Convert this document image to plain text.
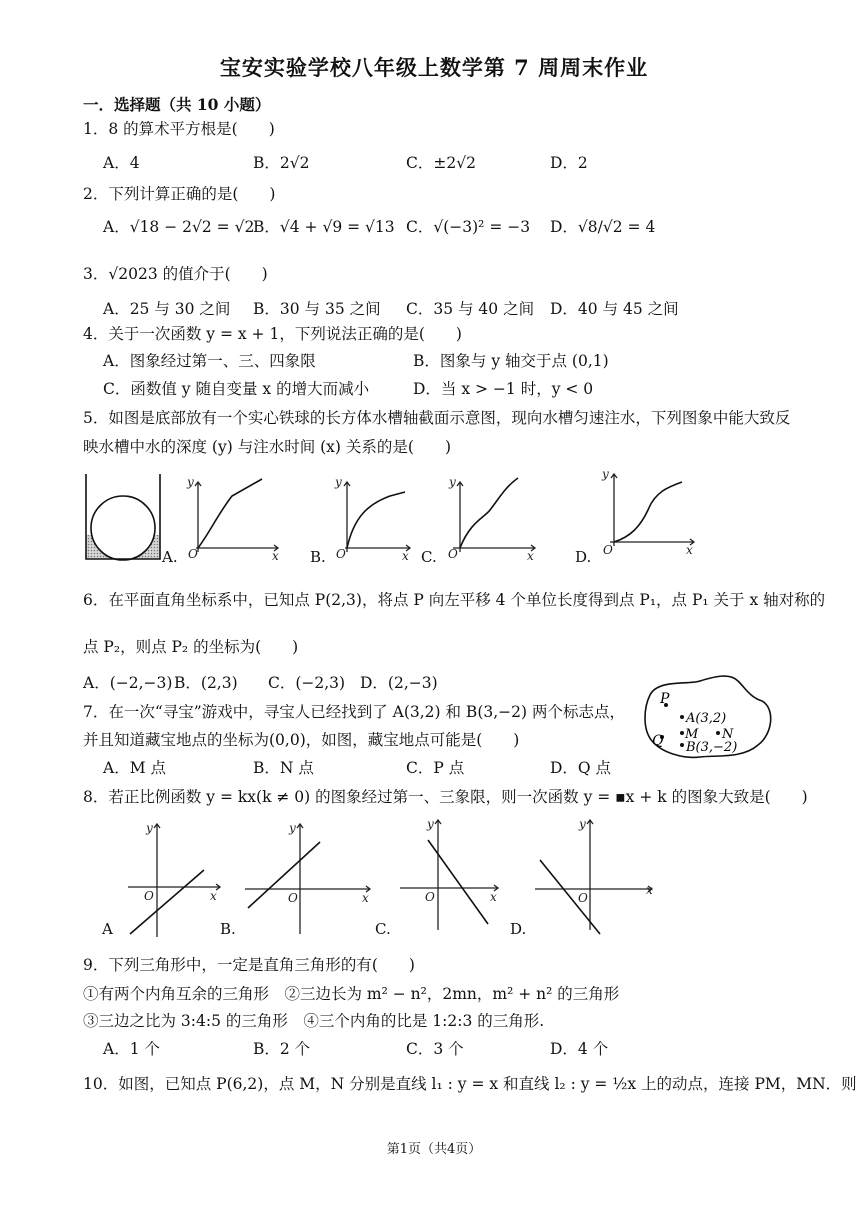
宝安实验学校八年级上数学第 7 周周末作业
一．选择题（共 10 小题）
1．8 的算术平方根是(　　)
A．4	B．2√2	C．±2√2	D．2
2．下列计算正确的是(　　)
A．√18 − 2√2 = √2
B．√4 + √9 = √13 C．√(−3)² = −3 D．√8/√2 = 4
3．√2023 的值介于(　　)
A．25 与 30 之间 B．30 与 35 之间 C．35 与 40 之间 D．40 与 45 之间
4．关于一次函数 y = x + 1，下列说法正确的是(　　)
A．图象经过第一、三、四象限	B．图象与 y 轴交于点 (0,1)
C．函数值 y 随自变量 x 的增大而减小	D．当 x > −1 时，y < 0
5．如图是底部放有一个实心铁球的长方体水槽轴截面示意图，现向水槽匀速注水，下列图象中能大致反
映水槽中水的深度 (y) 与注水时间 (x) 关系的是(　　)
A.
y
x
O	B.
y
x
O	C.
y
x
O	D.
y
x
O
6．在平面直角坐标系中，已知点 P(2,3)，将点 P 向左平移 4 个单位长度得到点 P₁，点 P₁ 关于 x 轴对称的
点 P₂，则点 P₂ 的坐标为(　　)
A．(−2,−3) B．(2,3) C．(−2,3) D．(2,−3)
7．在一次“寻宝”游戏中，寻宝人已经找到了 A(3,2) 和 B(3,−2) 两个标志点，
并且知道藏宝地点的坐标为(0,0)，如图，藏宝地点可能是(　　)
A．M 点	B．N 点	C．P 点	D．Q 点
P
A(3,2)
Q M N
B(3,−2)
8．若正比例函数 y = kx(k ≠ 0) 的图象经过第一、三象限，则一次函数 y = ▪x + k 的图象大致是(　　)
y
x
O
A
y
x
O
B.
y
x
O
C.
y
x
O
D.
9．下列三角形中，一定是直角三角形的有(　　)
①有两个内角互余的三角形　②三边长为 m² − n²，2mn，m² + n² 的三角形
③三边之比为 3:4:5 的三角形　④三个内角的比是 1:2:3 的三角形.
A．1 个	B．2 个	C．3 个	D．4 个
10．如图，已知点 P(6,2)，点 M，N 分别是直线 l₁ : y = x 和直线 l₂ : y = ½x 上的动点，连接 PM，MN．则
第1页（共4页）
